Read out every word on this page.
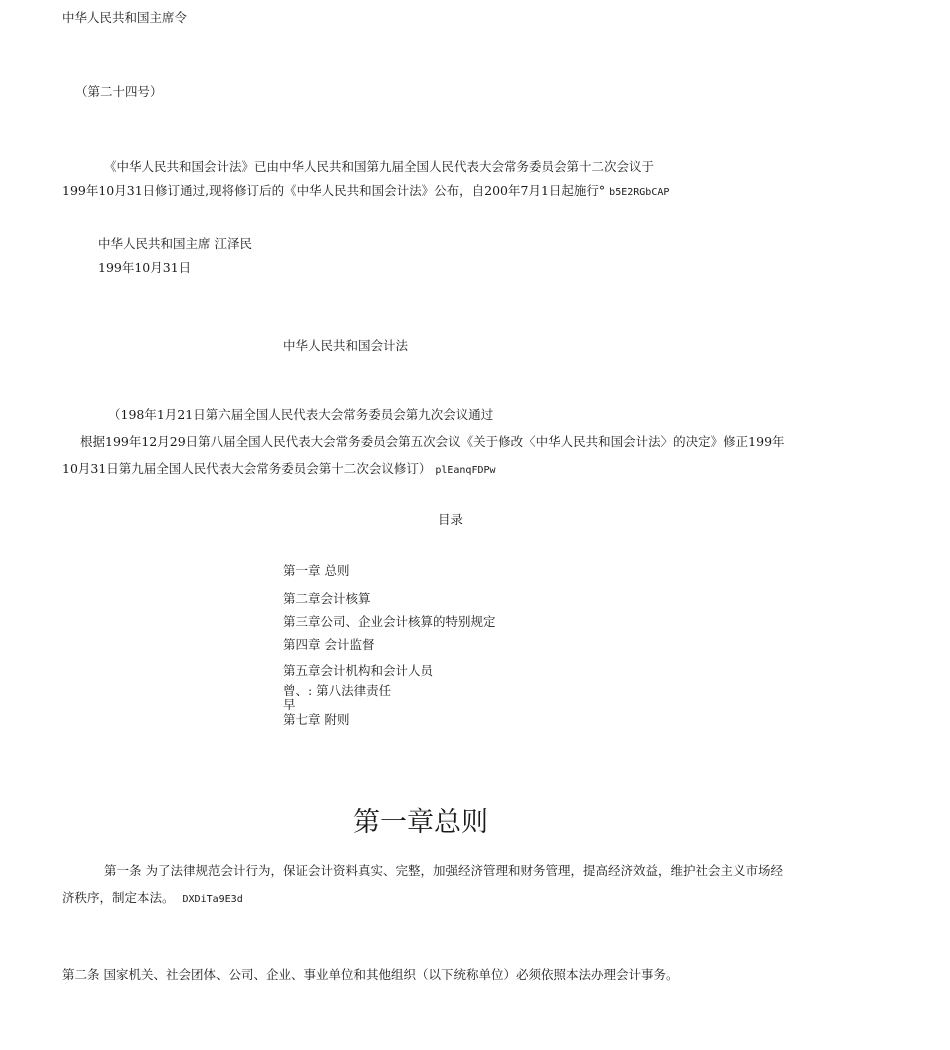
中华人民共和国主席令
（第二十四号）
《中华人民共和国会计法》已由中华人民共和国第九届全国人民代表大会常务委员会第十二次会议于
199年10月31日修订通过,现将修订后的《中华人民共和国会计法》公布，自200年7月1日起施行° b5E2RGbCAP
中华人民共和国主席 江泽民
199年10月31日
中华人民共和国会计法
（198年1月21日第六届全国人民代表大会常务委员会第九次会议通过
根据199年12月29日第八届全国人民代表大会常务委员会第五次会议《关于修改〈中华人民共和国会计法〉的决定》修正199年
10月31日第九届全国人民代表大会常务委员会第十二次会议修订） plEanqFDPw
目录
第一章 总则
第二章会计核算
第三章公司、企业会计核算的特别规定
第四章 会计监督
第五章会计机构和会计人员
曾、: 第八法律责任
早
第七章 附则
第一章总则
第一条 为了法律规范会计行为，保证会计资料真实、完整，加强经济管理和财务管理，提高经济效益，维护社会主义市场经
济秩序，制定本法。 DXDiTa9E3d
第二条 国家机关、社会团体、公司、企业、事业单位和其他组织（以下统称单位）必须依照本法办理会计事务。
